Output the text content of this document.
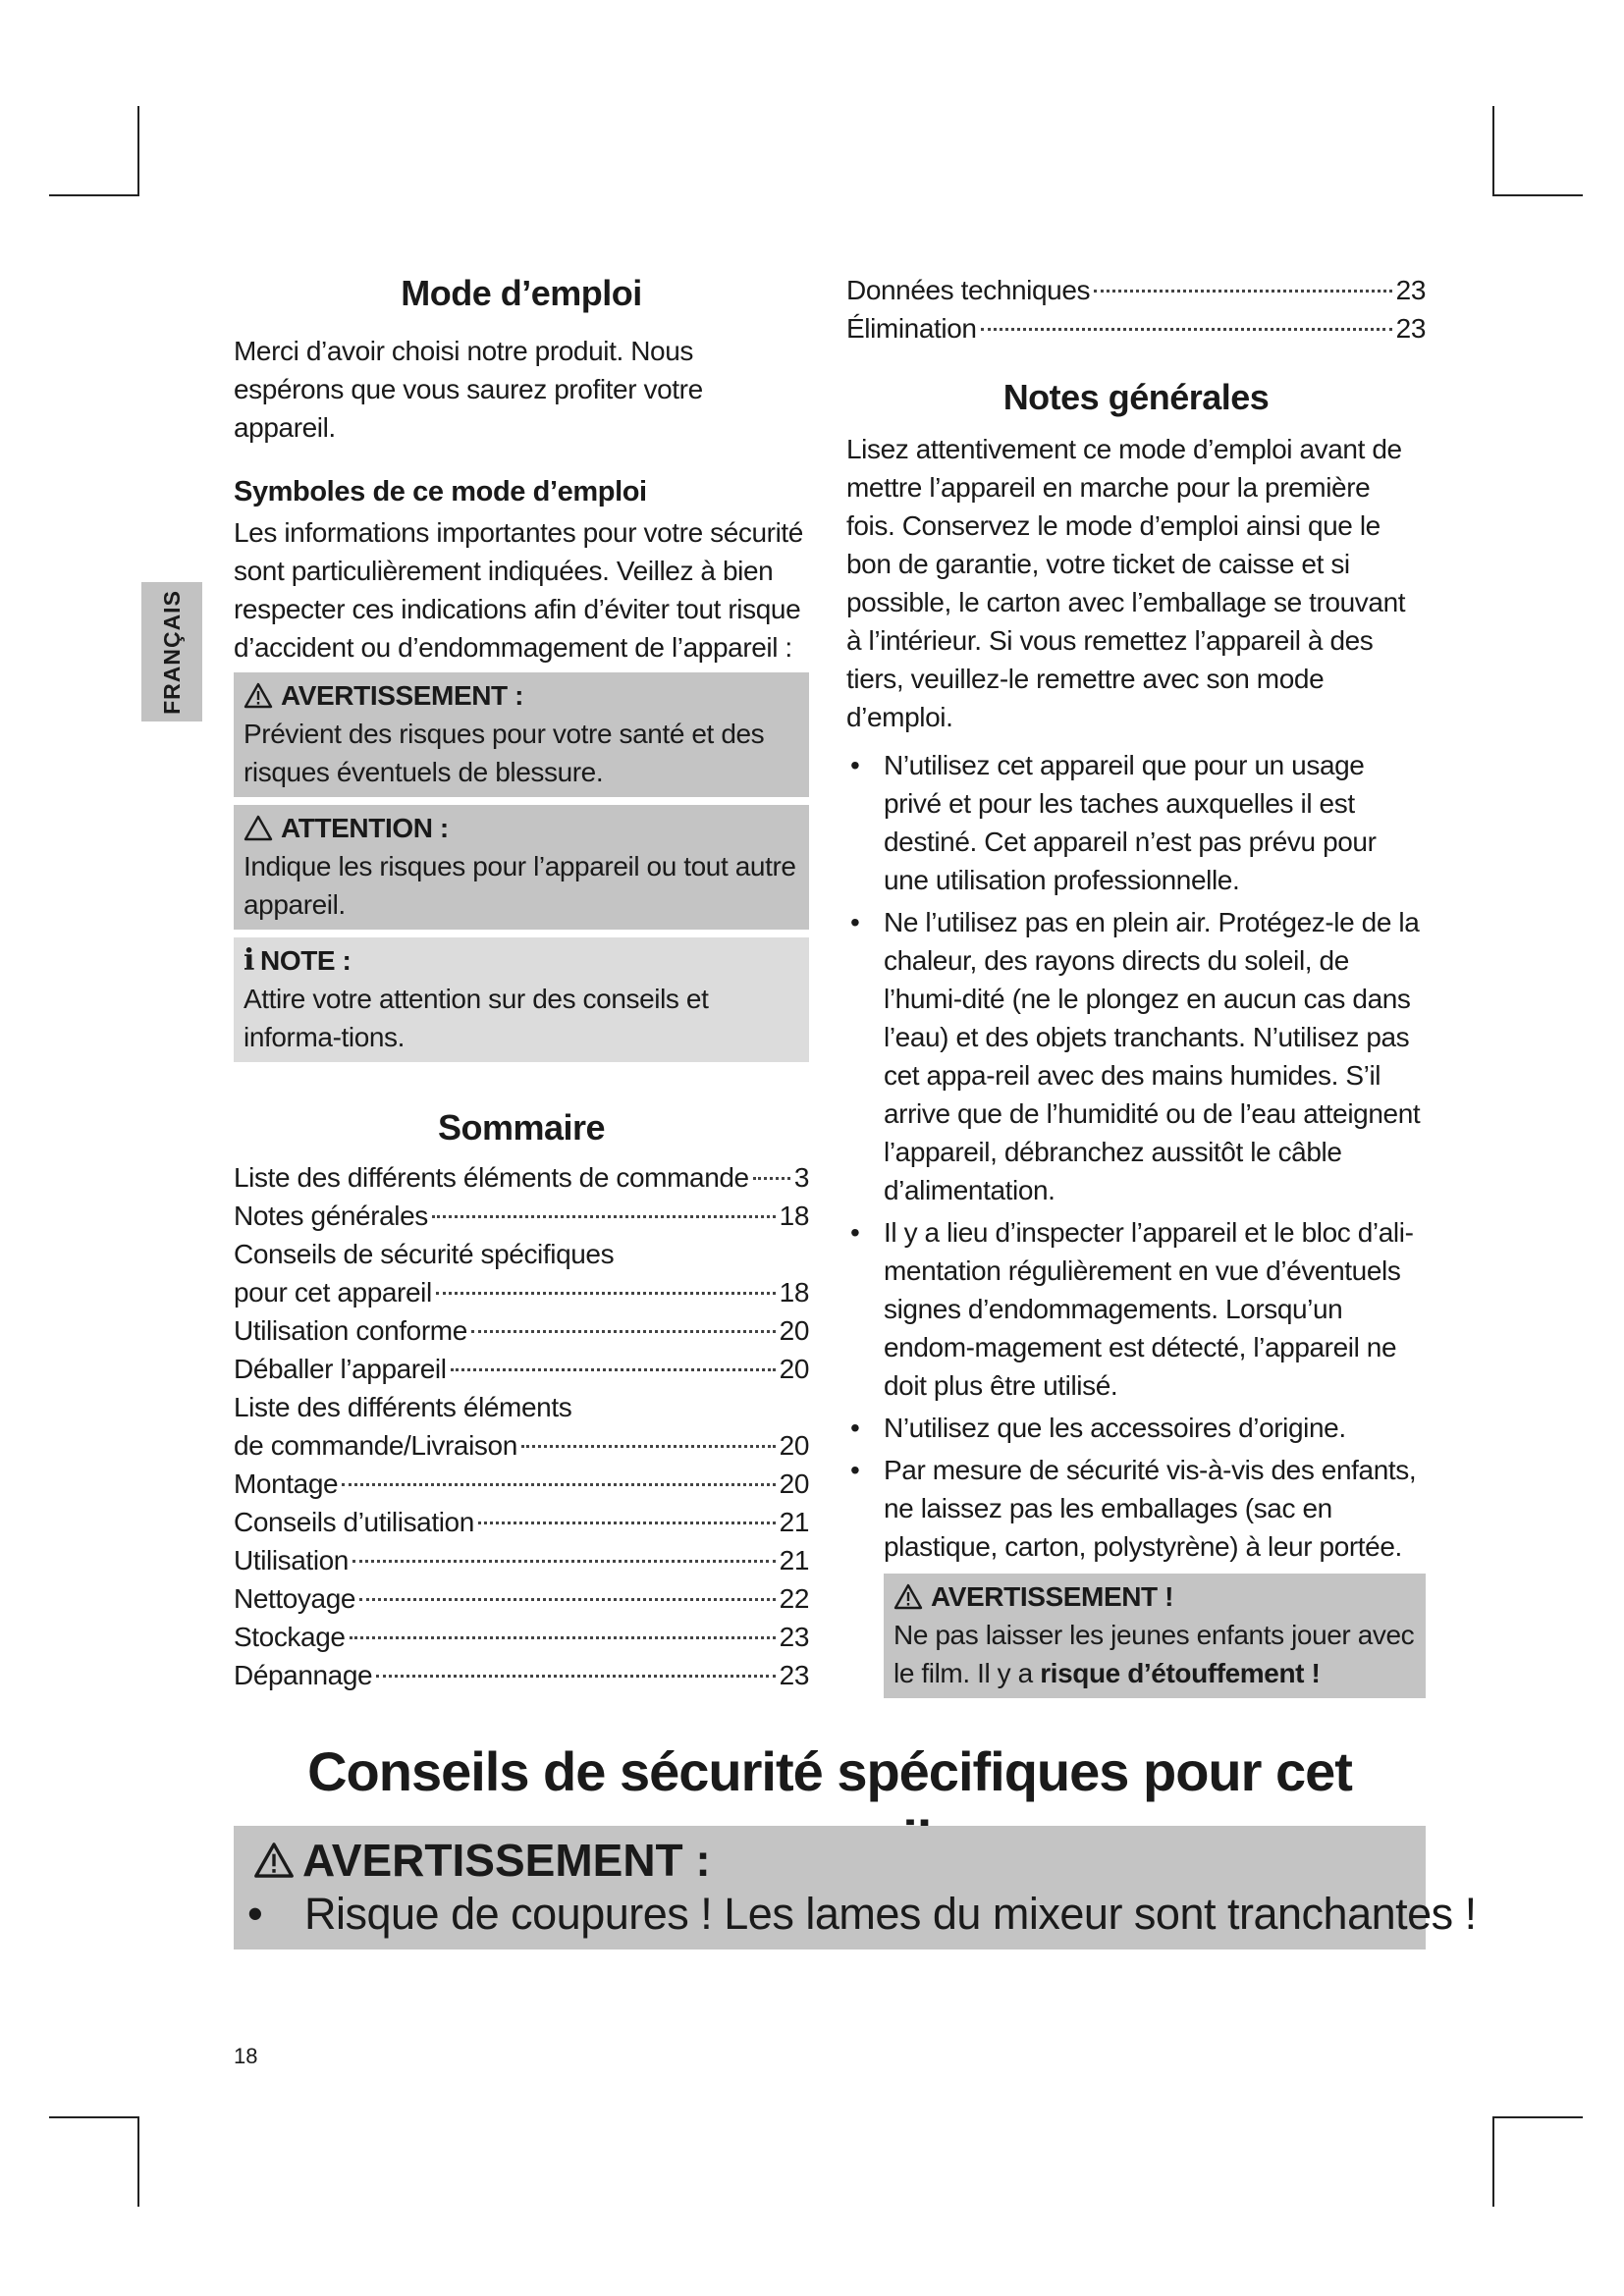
FRANÇAIS
Mode d’emploi

Merci d’avoir choisi notre produit. Nous espérons que vous saurez profiter votre appareil.

Symboles de ce mode d’emploi

Les informations importantes pour votre sécurité sont particulièrement indiquées. Veillez à bien respecter ces indications afin d’éviter tout risque d’accident ou d’endommagement de l’appareil :

AVERTISSEMENT :

Prévient des risques pour votre santé et des risques éventuels de blessure.

ATTENTION :

Indique les risques pour l’appareil ou tout autre appareil.

i NOTE :

Attire votre attention sur des conseils et informa-tions.

Sommaire
Liste des différents éléments de commande 3
Notes générales	18
Conseils de sécurité spécifiques
pour cet appareil	18
Utilisation conforme	20
Déballer l’appareil	20
Liste des différents éléments
de commande/Livraison	20
Montage	20
Conseils d’utilisation	21
Utilisation	21
Nettoyage	22
Stockage	23
Dépannage	23
Données techniques	23
Élimination	23
Notes générales

Lisez attentivement ce mode d’emploi avant de mettre l’appareil en marche pour la première fois. Conservez le mode d’emploi ainsi que le bon de garantie, votre ticket de caisse et si possible, le carton avec l’emballage se trouvant à l’intérieur. Si vous remettez l’appareil à des tiers, veuillez-le remettre avec son mode d’emploi.

• N’utilisez cet appareil que pour un usage privé et pour les taches auxquelles il est destiné. Cet appareil n’est pas prévu pour une utilisation professionnelle.
• Ne l’utilisez pas en plein air. Protégez-le de la chaleur, des rayons directs du soleil, de l’humi-dité (ne le plongez en aucun cas dans l’eau) et des objets tranchants. N’utilisez pas cet appa-reil avec des mains humides. S’il arrive que de l’humidité ou de l’eau atteignent l’appareil, débranchez aussitôt le câble d’alimentation.
• Il y a lieu d’inspecter l’appareil et le bloc d’ali-mentation régulièrement en vue d’éventuels signes d’endommagements. Lorsqu’un endom-magement est détecté, l’appareil ne doit plus être utilisé.
• N’utilisez que les accessoires d’origine.
• Par mesure de sécurité vis-à-vis des enfants, ne laissez pas les emballages (sac en plastique, carton, polystyrène) à leur portée.
AVERTISSEMENT !

Ne pas laisser les jeunes enfants jouer avec le film. Il y a risque d’étouffement !

Conseils de sécurité spécifiques pour cet
AVERTISSEMENT :
• Risque de coupures ! Les lames du mixeur sont tranchantes !
18
